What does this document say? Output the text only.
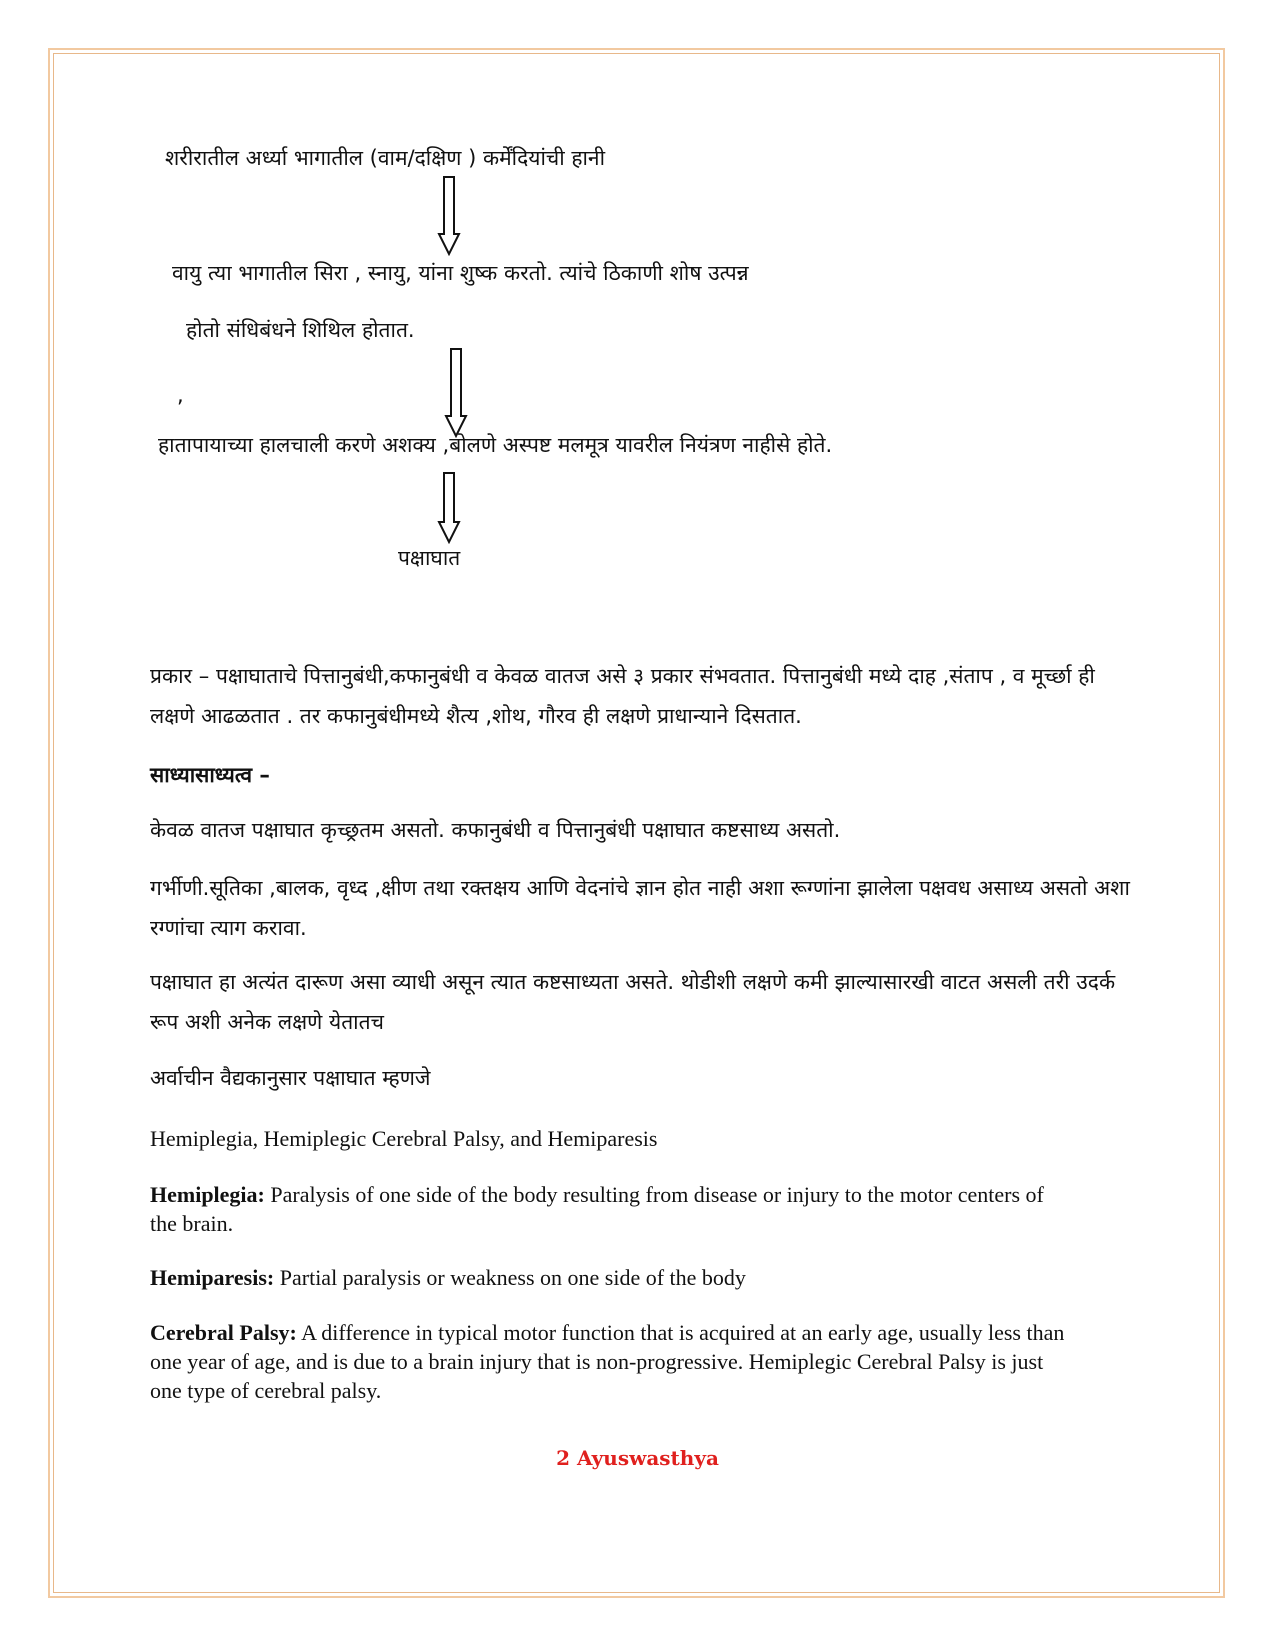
शरीरातील अर्ध्या भागातील (वाम/दक्षिण ) कर्मेंदियांची हानी
वायु त्या भागातील सिरा , स्नायु, यांना शुष्क करतो. त्यांचे ठिकाणी शोष उत्पन्न
होतो संधिबंधने शिथिल होतात.
,
हातापायाच्या हालचाली करणे अशक्य ,बोलणे अस्पष्ट मलमूत्र यावरील नियंत्रण नाहीसे होते.
पक्षाघात
प्रकार – पक्षाघाताचे पित्तानुबंधी,कफानुबंधी व केवळ वातज असे ३ प्रकार संभवतात. पित्तानुबंधी मध्ये दाह ,संताप , व मूर्च्छा ही लक्षणे आढळतात . तर कफानुबंधीमध्ये शैत्य ,शोथ, गौरव ही लक्षणे प्राधान्याने दिसतात.
साध्यासाध्यत्व –
केवळ वातज पक्षाघात कृच्छ्रतम असतो. कफानुबंधी व पित्तानुबंधी पक्षाघात कष्टसाध्य असतो.
गर्भीणी.सूतिका ,बालक, वृध्द ,क्षीण तथा रक्तक्षय आणि वेदनांचे ज्ञान होत नाही अशा रूग्णांना झालेला पक्षवध असाध्य असतो अशा रग्णांचा त्याग करावा.
पक्षाघात हा अत्यंत दारूण असा व्याधी असून त्यात कष्टसाध्यता असते. थोडीशी लक्षणे कमी झाल्यासारखी वाटत असली तरी उदर्क रूप अशी अनेक लक्षणे येतातच
अर्वाचीन वैद्यकानुसार पक्षाघात म्हणजे
Hemiplegia, Hemiplegic Cerebral Palsy, and Hemiparesis
Hemiplegia: Paralysis of one side of the body resulting from disease or injury to the motor centers of the brain.
Hemiparesis: Partial paralysis or weakness on one side of the body
Cerebral Palsy: A difference in typical motor function that is acquired at an early age, usually less than one year of age, and is due to a brain injury that is non-progressive. Hemiplegic Cerebral Palsy is just one type of cerebral palsy.
2 Ayuswasthya
